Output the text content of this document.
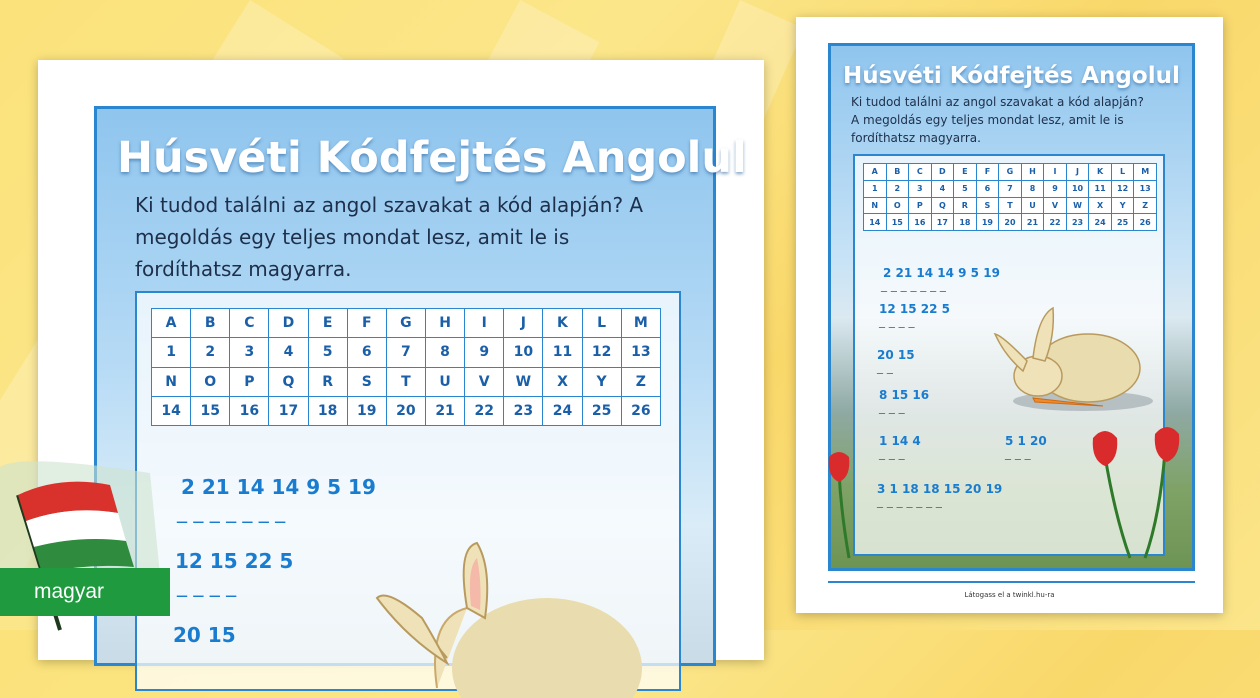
Húsvéti Kódfejtés Angolul
Ki tudod találni az angol szavakat a kód alapján? A megoldás egy teljes mondat lesz, amit le is fordíthatsz magyarra.
A	B	C	D	E	F	G	H	I	J	K	L	M
1	2	3	4	5	6	7	8	9	10	11	12	13
N	O	P	Q	R	S	T	U	V	W	X	Y	Z
14	15	16	17	18	19	20	21	22	23	24	25	26
2 21 14 14 9 5 19
_ _ _ _ _ _ _
12 15 22 5
_ _ _ _
20 15
Húsvéti Kódfejtés Angolul
Ki tudod találni az angol szavakat a kód alapján? A megoldás egy teljes mondat lesz, amit le is fordíthatsz magyarra.
A	B	C	D	E	F	G	H	I	J	K	L	M
1	2	3	4	5	6	7	8	9	10	11	12	13
N	O	P	Q	R	S	T	U	V	W	X	Y	Z
14	15	16	17	18	19	20	21	22	23	24	25	26
2 21 14 14 9 5 19
_ _ _ _ _ _ _
12 15 22 5
_ _ _ _
20 15
_ _
8 15 16
_ _ _
1 14 4
_ _ _
5 1 20
_ _ _
3 1 18 18 15 20 19
_ _ _ _ _ _ _
Látogass el a twinkl.hu-ra
magyar
